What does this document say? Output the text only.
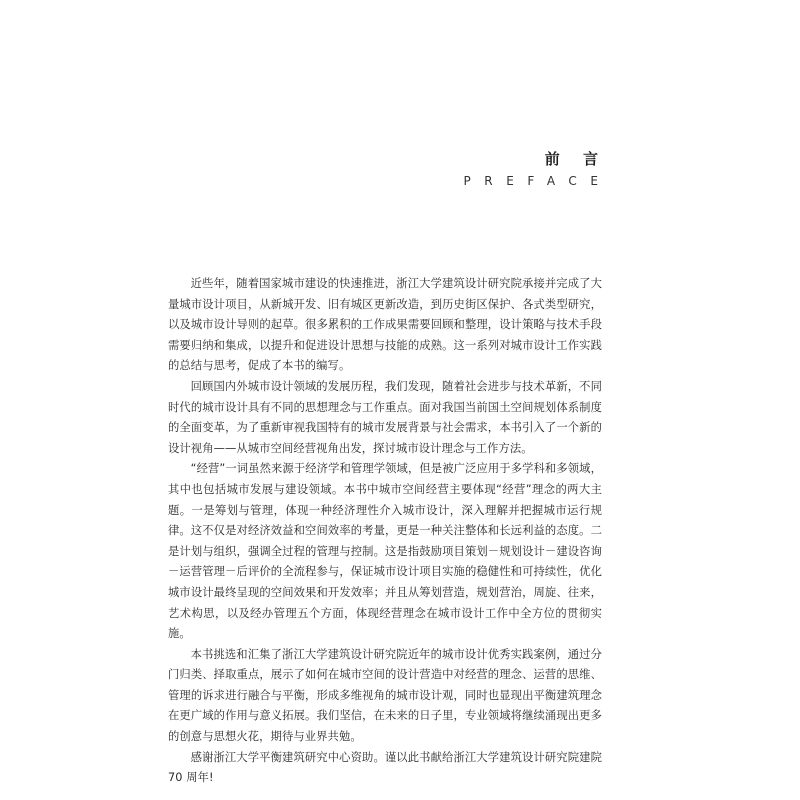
前 言
PREFACE

近些年，随着国家城市建设的快速推进，浙江大学建筑设计研究院承接并完成了大量城市设计项目，从新城开发、旧有城区更新改造，到历史街区保护、各式类型研究，以及城市设计导则的起草。很多累积的工作成果需要回顾和整理，设计策略与技术手段需要归纳和集成，以提升和促进设计思想与技能的成熟。这一系列对城市设计工作实践的总结与思考，促成了本书的编写。

回顾国内外城市设计领域的发展历程，我们发现，随着社会进步与技术革新，不同时代的城市设计具有不同的思想理念与工作重点。面对我国当前国土空间规划体系制度的全面变革，为了重新审视我国特有的城市发展背景与社会需求，本书引入了一个新的设计视角——从城市空间经营视角出发，探讨城市设计理念与工作方法。

“经营”一词虽然来源于经济学和管理学领域，但是被广泛应用于多学科和多领域，其中也包括城市发展与建设领域。本书中城市空间经营主要体现“经营”理念的两大主题。一是筹划与管理，体现一种经济理性介入城市设计，深入理解并把握城市运行规律。这不仅是对经济效益和空间效率的考量，更是一种关注整体和长远利益的态度。二是计划与组织，强调全过程的管理与控制。这是指鼓励项目策划－规划设计－建设咨询－运营管理－后评价的全流程参与，保证城市设计项目实施的稳健性和可持续性，优化城市设计最终呈现的空间效果和开发效率；并且从筹划营造，规划营治，周旋、往来，艺术构思，以及经办管理五个方面，体现经营理念在城市设计工作中全方位的贯彻实施。

本书挑选和汇集了浙江大学建筑设计研究院近年的城市设计优秀实践案例，通过分门归类、择取重点，展示了如何在城市空间的设计营造中对经营的理念、运营的思维、管理的诉求进行融合与平衡，形成多维视角的城市设计观，同时也显现出平衡建筑理念在更广域的作用与意义拓展。我们坚信，在未来的日子里，专业领域将继续涌现出更多的创意与思想火花，期待与业界共勉。

感谢浙江大学平衡建筑研究中心资助。谨以此书献给浙江大学建筑设计研究院建院 70 周年!
